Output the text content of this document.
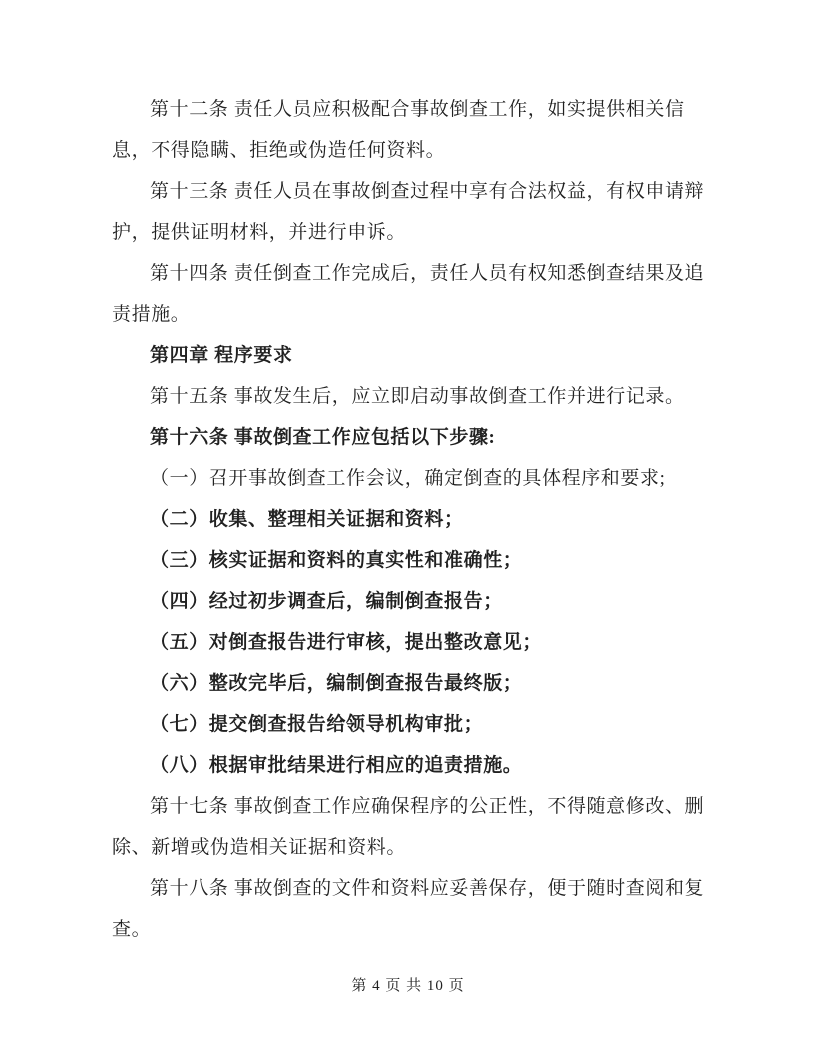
第十二条 责任人员应积极配合事故倒查工作，如实提供相关信
息，不得隐瞒、拒绝或伪造任何资料。
第十三条 责任人员在事故倒查过程中享有合法权益，有权申请辩
护，提供证明材料，并进行申诉。
第十四条 责任倒查工作完成后，责任人员有权知悉倒查结果及追
责措施。
第四章 程序要求
第十五条 事故发生后，应立即启动事故倒查工作并进行记录。
第十六条 事故倒查工作应包括以下步骤:
（一）召开事故倒查工作会议，确定倒查的具体程序和要求;
（二）收集、整理相关证据和资料；
（三）核实证据和资料的真实性和准确性；
（四）经过初步调查后，编制倒查报告；
（五）对倒查报告进行审核，提出整改意见；
（六）整改完毕后，编制倒查报告最终版；
（七）提交倒查报告给领导机构审批；
（八）根据审批结果进行相应的追责措施。
第十七条 事故倒查工作应确保程序的公正性，不得随意修改、删
除、新增或伪造相关证据和资料。
第十八条 事故倒查的文件和资料应妥善保存，便于随时查阅和复
查。
第 4 页 共 10 页
